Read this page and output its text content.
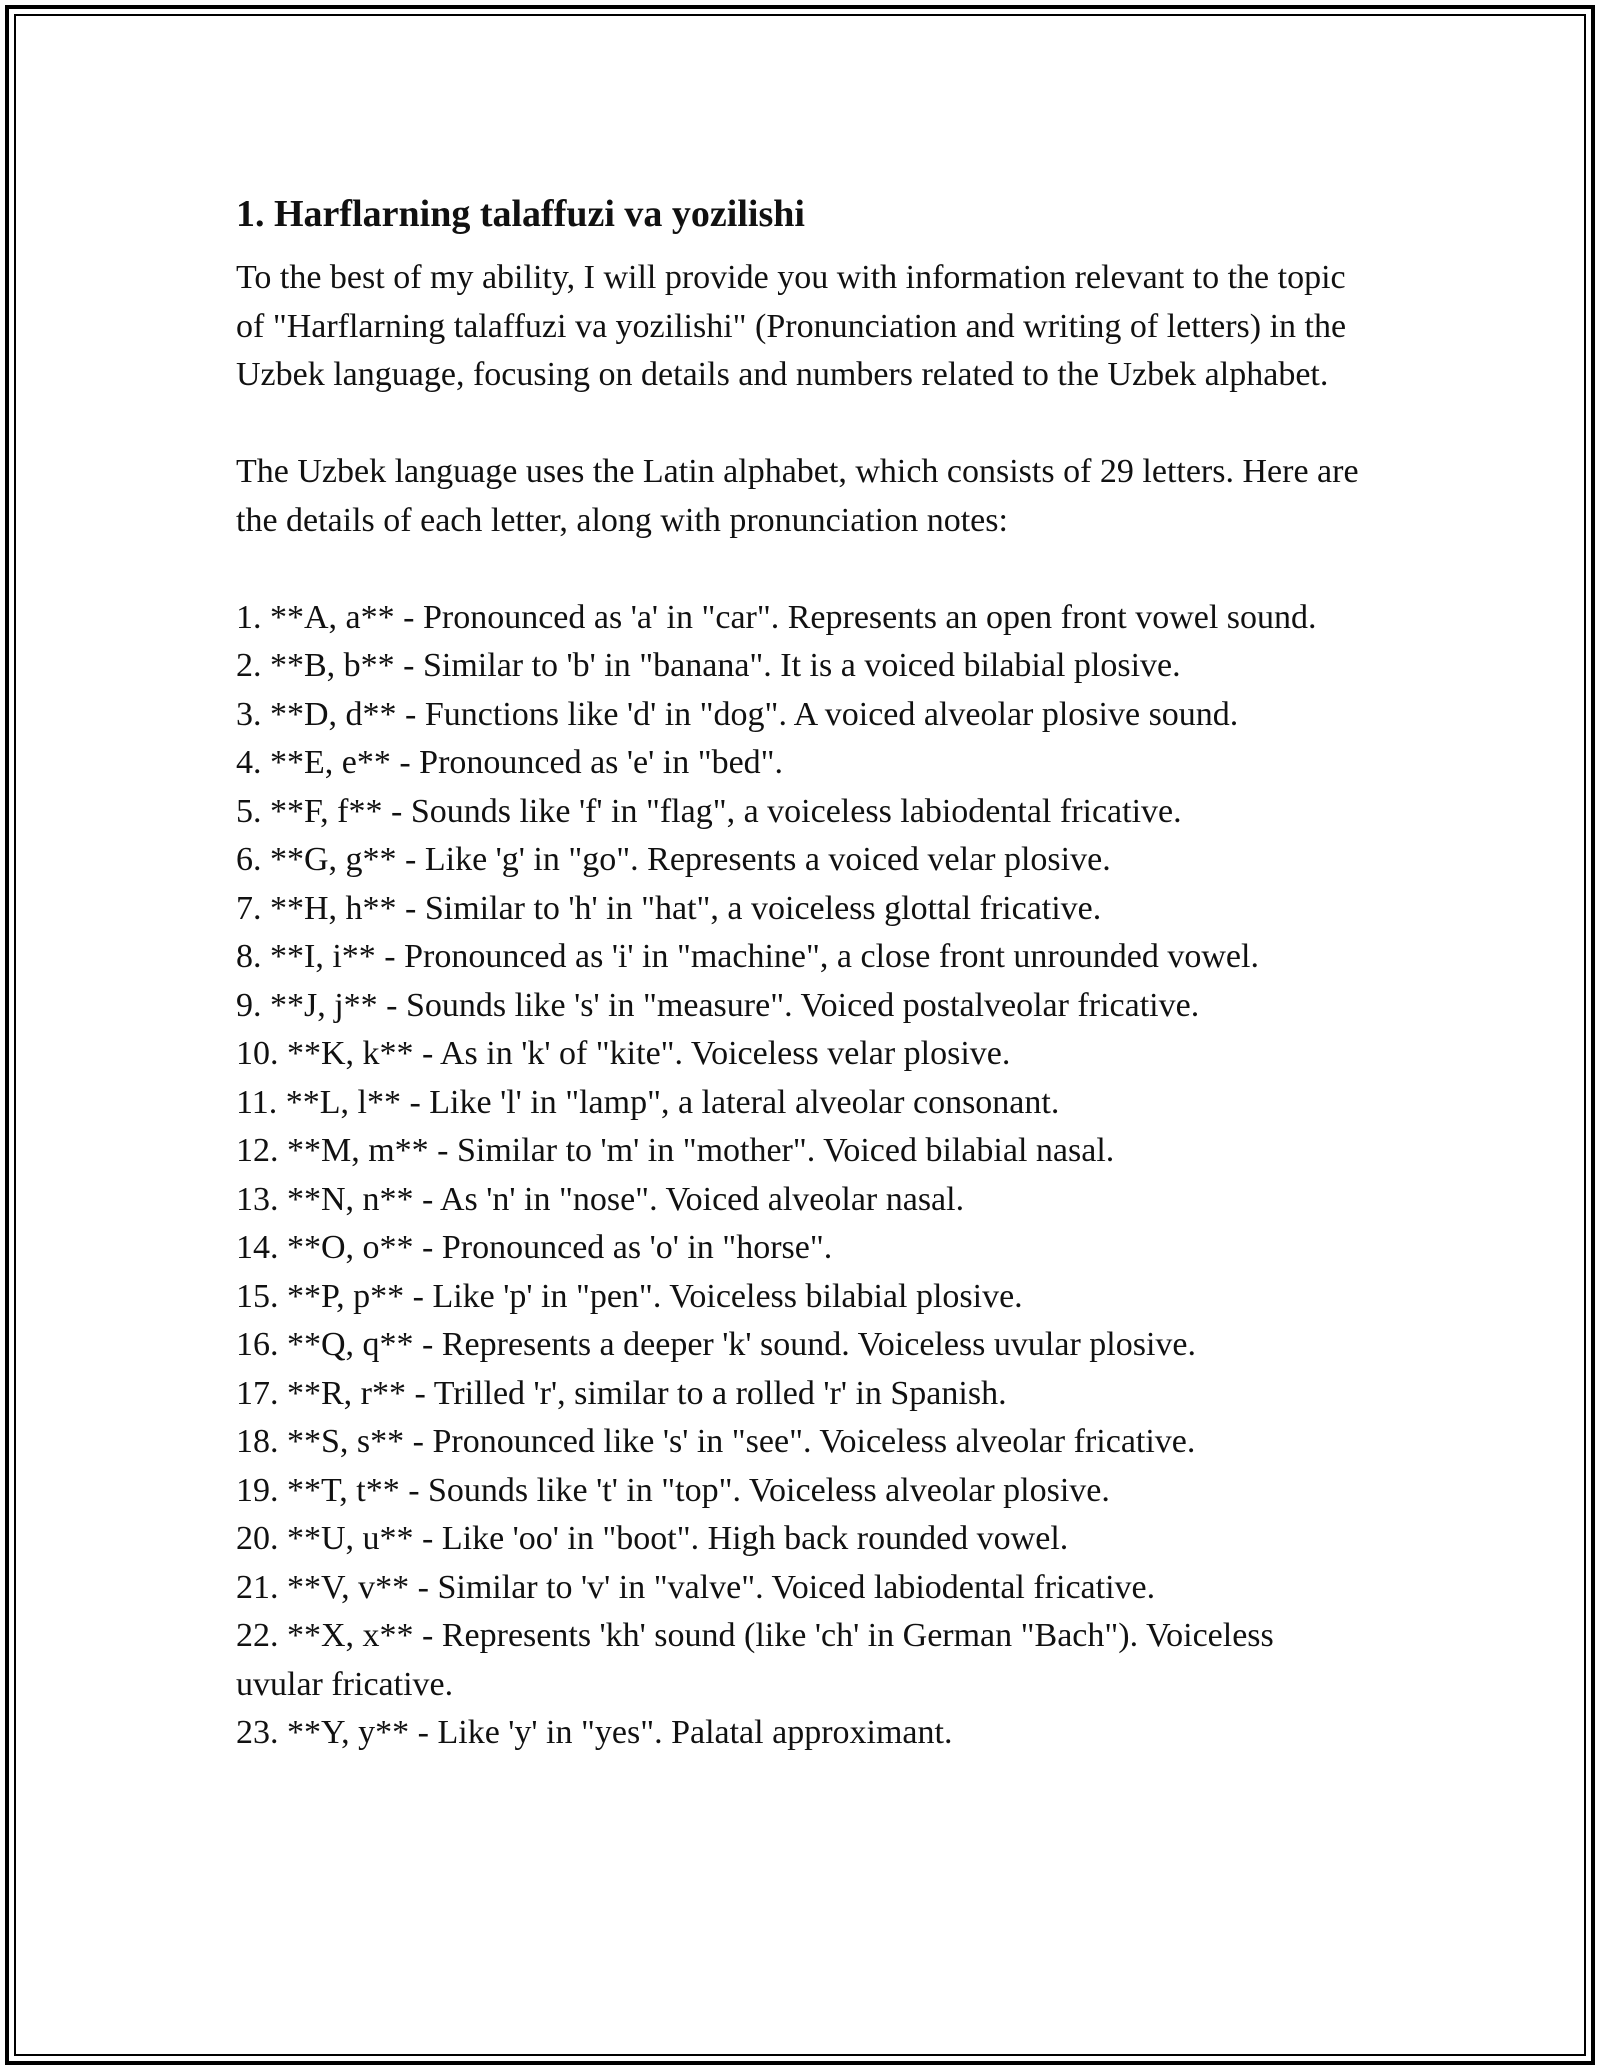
1. Harflarning talaffuzi va yozilishi

To the best of my ability, I will provide you with information relevant to the topic of "Harflarning talaffuzi va yozilishi" (Pronunciation and writing of letters) in the Uzbek language, focusing on details and numbers related to the Uzbek alphabet.

The Uzbek language uses the Latin alphabet, which consists of 29 letters. Here are the details of each letter, along with pronunciation notes:

1. **A, a** - Pronounced as 'a' in "car". Represents an open front vowel sound.
2. **B, b** - Similar to 'b' in "banana". It is a voiced bilabial plosive.
3. **D, d** - Functions like 'd' in "dog". A voiced alveolar plosive sound.
4. **E, e** - Pronounced as 'e' in "bed".
5. **F, f** - Sounds like 'f' in "flag", a voiceless labiodental fricative.
6. **G, g** - Like 'g' in "go". Represents a voiced velar plosive.
7. **H, h** - Similar to 'h' in "hat", a voiceless glottal fricative.
8. **I, i** - Pronounced as 'i' in "machine", a close front unrounded vowel.
9. **J, j** - Sounds like 's' in "measure". Voiced postalveolar fricative.
10. **K, k** - As in 'k' of "kite". Voiceless velar plosive.
11. **L, l** - Like 'l' in "lamp", a lateral alveolar consonant.
12. **M, m** - Similar to 'm' in "mother". Voiced bilabial nasal.
13. **N, n** - As 'n' in "nose". Voiced alveolar nasal.
14. **O, o** - Pronounced as 'o' in "horse".
15. **P, p** - Like 'p' in "pen". Voiceless bilabial plosive.
16. **Q, q** - Represents a deeper 'k' sound. Voiceless uvular plosive.
17. **R, r** - Trilled 'r', similar to a rolled 'r' in Spanish.
18. **S, s** - Pronounced like 's' in "see". Voiceless alveolar fricative.
19. **T, t** - Sounds like 't' in "top". Voiceless alveolar plosive.
20. **U, u** - Like 'oo' in "boot". High back rounded vowel.
21. **V, v** - Similar to 'v' in "valve". Voiced labiodental fricative.
22. **X, x** - Represents 'kh' sound (like 'ch' in German "Bach"). Voiceless uvular fricative.
23. **Y, y** - Like 'y' in "yes". Palatal approximant.
